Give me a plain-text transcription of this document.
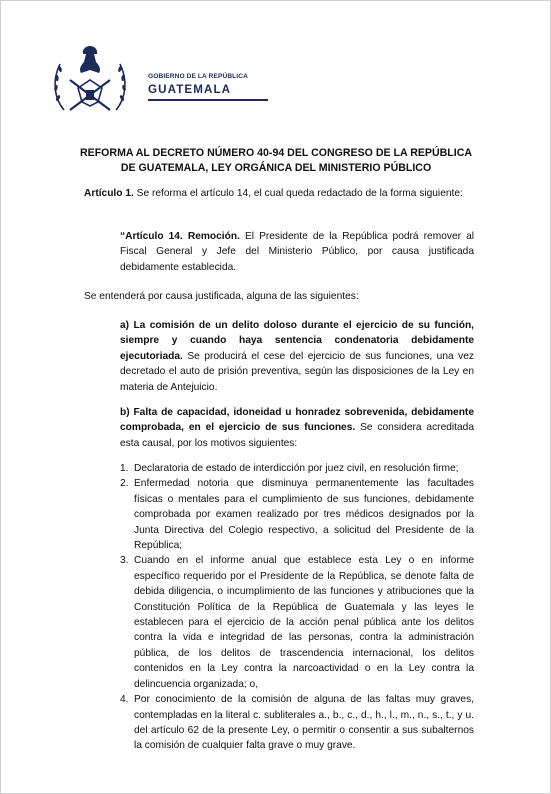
GOBIERNO DE LA REPÚBLICA
GUATEMALA
REFORMA AL DECRETO NÚMERO 40-94 DEL CONGRESO DE LA REPÚBLICA
DE GUATEMALA, LEY ORGÁNICA DEL MINISTERIO PÚBLICO

Artículo 1. Se reforma el artículo 14, el cual queda redactado de la forma siguiente:

“Artículo 14. Remoción. El Presidente de la República podrá remover al Fiscal General y Jefe del Ministerio Público, por causa justificada debidamente establecida.

Se entenderá por causa justificada, alguna de las siguientes:

a) La comisión de un delito doloso durante el ejercicio de su función, siempre y cuando haya sentencia condenatoria debidamente ejecutoriada. Se producirá el cese del ejercicio de sus funciones, una vez decretado el auto de prisión preventiva, según las disposiciones de la Ley en materia de Antejuicio.

b) Falta de capacidad, idoneidad u honradez sobrevenida, debidamente comprobada, en el ejercicio de sus funciones. Se considera acreditada esta causal, por los motivos siguientes:

1. Declaratoria de estado de interdicción por juez civil, en resolución firme;
2. Enfermedad notoria que disminuya permanentemente las facultades físicas o mentales para el cumplimiento de sus funciones, debidamente comprobada por examen realizado por tres médicos designados por la Junta Directiva del Colegio respectivo, a solicitud del Presidente de la República;
3. Cuando en el informe anual que establece esta Ley o en informe específico requerido por el Presidente de la República, se denote falta de debida diligencia, o incumplimiento de las funciones y atribuciones que la Constitución Política de la República de Guatemala y las leyes le establecen para el ejercicio de la acción penal pública ante los delitos contra la vida e integridad de las personas, contra la administración pública, de los delitos de trascendencia internacional, los delitos contenidos en la Ley contra la narcoactividad o en la Ley contra la delincuencia organizada; o,
4. Por conocimiento de la comisión de alguna de las faltas muy graves, contempladas en la literal c. subliterales a., b., c., d., h., l., m., n., s., t., y u. del artículo 62 de la presente Ley, o permitir o consentir a sus subalternos la comisión de cualquier falta grave o muy grave.
